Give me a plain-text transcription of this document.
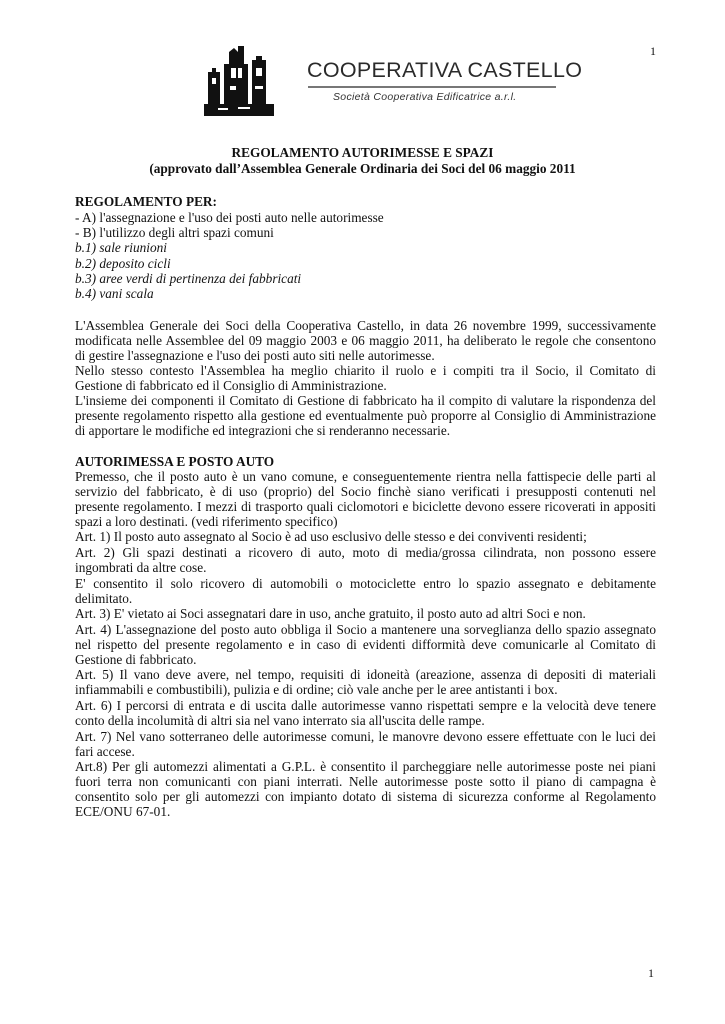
1
1
COOPERATIVA CASTELLO
Società Cooperativa Edificatrice a.r.l.
REGOLAMENTO AUTORIMESSE E SPAZI
(approvato dall’Assemblea Generale Ordinaria dei Soci del 06 maggio 2011
REGOLAMENTO PER:
- A) l'assegnazione e l'uso dei posti auto nelle autorimesse
- B) l'utilizzo degli altri spazi comuni
b.1) sale riunioni
b.2) deposito cicli
b.3) aree verdi di pertinenza dei fabbricati
b.4) vani scala
L'Assemblea Generale dei Soci della Cooperativa Castello, in data 26 novembre 1999, successivamente
modificata nelle Assemblee del 09 maggio 2003 e 06 maggio 2011, ha deliberato le regole che consentono
di gestire l'assegnazione e l'uso dei posti auto siti nelle autorimesse.
Nello stesso contesto l'Assemblea ha meglio chiarito il ruolo e i compiti tra il Socio, il Comitato di
Gestione di fabbricato ed il Consiglio di Amministrazione.
L'insieme dei componenti il Comitato di Gestione di fabbricato ha il compito di valutare la rispondenza del
presente regolamento rispetto alla gestione ed eventualmente può proporre al Consiglio di Amministrazione
di apportare le modifiche ed integrazioni che si renderanno necessarie.
AUTORIMESSA E POSTO AUTO
Premesso, che il posto auto è un vano comune, e conseguentemente rientra nella fattispecie delle parti al
servizio del fabbricato, è di uso (proprio) del Socio finchè siano verificati i presupposti contenuti nel
presente regolamento. I mezzi di trasporto quali ciclomotori e biciclette devono essere ricoverati in appositi
spazi a loro destinati. (vedi riferimento specifico)
Art. 1) Il posto auto assegnato al Socio è ad uso esclusivo delle stesso e dei conviventi residenti;
Art. 2) Gli spazi destinati a ricovero di auto, moto di media/grossa cilindrata, non possono essere
ingombrati da altre cose.
E' consentito il solo ricovero di automobili o motociclette entro lo spazio assegnato e debitamente
delimitato.
Art. 3) E' vietato ai Soci assegnatari dare in uso, anche gratuito, il posto auto ad altri Soci e non.
Art. 4) L'assegnazione del posto auto obbliga il Socio a mantenere una sorveglianza dello spazio assegnato
nel rispetto del presente regolamento e in caso di evidenti difformità deve comunicarle al Comitato di
Gestione di fabbricato.
Art. 5) Il vano deve avere, nel tempo, requisiti di idoneità (areazione, assenza di depositi di materiali
infiammabili e combustibili), pulizia e di ordine; ciò vale anche per le aree antistanti i box.
Art. 6) I percorsi di entrata e di uscita dalle autorimesse vanno rispettati sempre e la velocità deve tenere
conto della incolumità di altri sia nel vano interrato sia all'uscita delle rampe.
Art. 7) Nel vano sotterraneo delle autorimesse comuni, le manovre devono essere effettuate con le luci dei
fari accese.
Art.8) Per gli automezzi alimentati a G.P.L. è consentito il parcheggiare nelle autorimesse poste nei piani
fuori terra non comunicanti con piani interrati. Nelle autorimesse poste sotto il piano di campagna è
consentito solo per gli automezzi con impianto dotato di sistema di sicurezza conforme al Regolamento
ECE/ONU 67-01.
